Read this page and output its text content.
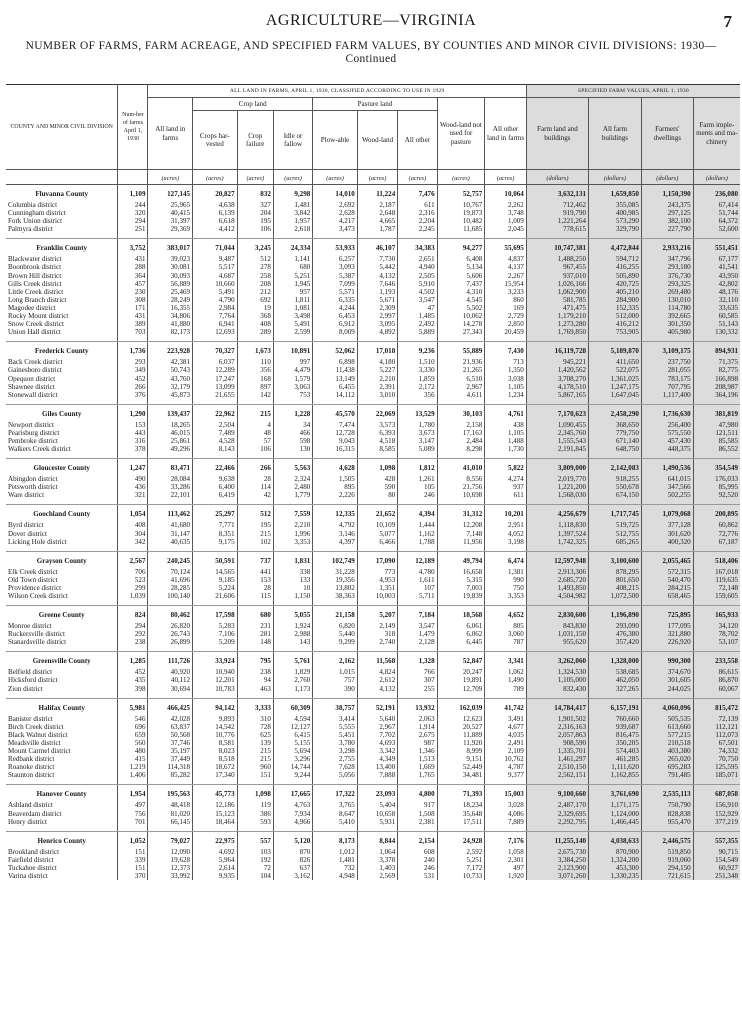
AGRICULTURE—VIRGINIA	7
NUMBER OF FARMS, FARM ACREAGE, AND SPECIFIED FARM VALUES, BY COUNTIES AND MINOR CIVIL DIVISIONS: 1930—Continued
COUNTY AND MINOR CIVIL DIVISION	Num-ber of farms April 1, 1930	ALL LAND IN FARMS, APRIL 1, 1930, CLASSIFIED ACCORDING TO USE IN 1929									SPECIFIED FARM VALUES, APRIL 1, 1930			
		All land in farms	Crop land			Pasture land			Wood-land not used for pasture	All other land in farms	Farm land and buildings	All farm buildings	Farmers' dwellings	Farm imple-ments and ma-chinery
			Crops har-vested	Crop failure	Idle or fallow	Plow-able	Wood-land	All other						
		(acres)	(acres)	(acres)	(acres)	(acres)	(acres)	(acres)	(acres)	(acres)	(dollars)	(dollars)	(dollars)	(dollars)
Fluvanna County	1,109	127,145	20,827	832	9,298	14,010	11,224	7,476	52,757	10,064	3,632,131	1,659,850	1,150,390	236,080
Columbia district	244	25,965	4,638	327	1,481	2,692	2,187	611	10,767	2,262	712,462	355,085	243,375	67,414
Cunningham district	320	40,415	6,139	204	3,842	2,628	2,648	2,316	19,873	3,748	919,790	400,985	297,125	51,744
Fork Union district	294	31,397	6,618	195	1,957	4,217	4,665	2,204	10,482	1,009	1,221,264	573,290	382,100	64,372
Palmyra district	251	29,369	4,412	106	2,618	3,473	1,787	2,245	11,685	2,045	778,615	329,790	227,790	52,600

Franklin County	3,752	383,017	71,044	3,245	24,334	53,933	46,107	34,383	94,277	55,695	10,747,381	4,472,844	2,933,216	551,451
Blackwater district	431	39,023	9,487	512	1,141	6,257	7,730	2,651	6,408	4,837	1,488,250	594,712	347,796	67,177
Boonbrook district	288	30,081	5,517	278	680	3,093	5,442	4,940	5,134	4,137	967,455	416,255	293,180	41,541
Brown Hill district	364	30,093	4,687	258	5,251	5,387	4,132	2,505	5,606	2,267	937,010	505,890	376,730	43,950
Gills Creek district	457	56,889	10,660	208	1,945	7,099	7,646	5,910	7,437	15,954	1,026,166	420,725	293,325	42,802
Little Creek district	230	25,469	5,491	212	957	5,571	1,193	4,502	4,310	3,233	1,062,900	405,210	269,480	48,176
Long Branch district	308	28,249	4,790	692	1,811	6,335	5,671	3,547	4,545	860	581,785	284,900	130,010	32,110
Magodee district	171	16,355	2,984	19	1,081	4,244	2,309	47	5,502	169	471,475	152,335	114,780	33,635
Rocky Mount district	431	34,806	7,764	368	3,498	6,453	2,997	1,485	10,062	2,729	1,179,210	512,000	392,665	60,585
Snow Creek district	389	41,880	6,941	408	5,491	6,912	3,095	2,492	14,278	2,850	1,273,280	416,212	301,350	51,143
Union Hall district	703	82,173	12,693	289	2,599	8,009	4,892	5,889	27,343	20,459	1,769,850	753,905	405,980	130,332

Frederick County	1,736	223,928	70,327	1,673	10,891	52,062	17,018	9,236	55,889	7,430	16,119,728	5,189,870	3,109,175	894,931
Back Creek district	293	42,381	6,037	110	997	6,898	4,180	1,510	21,936	713	945,221	411,650	237,750	71,375
Gainesboro district	349	50,743	12,289	356	4,479	11,438	5,227	3,330	21,265	1,350	1,420,562	522,075	281,055	82,775
Opequon district	452	43,760	17,247	168	1,579	13,149	2,210	1,859	6,510	3,038	3,708,270	1,361,025	783,175	166,898
Shawnee district	266	32,179	13,099	897	3,063	6,455	2,391	2,172	2,967	1,105	4,178,510	1,247,175	707,795	208,987
Stonewall district	376	45,873	21,655	142	753	14,112	3,010	356	4,611	1,234	5,867,165	1,647,045	1,117,400	364,196

Giles County	1,290	139,437	22,962	215	1,228	45,570	22,069	13,529	30,103	4,761	7,170,623	2,458,290	1,736,630	381,819
Newport district	153	18,265	2,504	4	34	7,474	3,573	1,780	2,158	438	1,090,455	368,650	256,400	47,980
Pearisburg district	443	46,015	7,489	48	466	12,728	6,393	3,673	17,163	1,105	2,345,760	779,750	575,550	121,511
Pembroke district	316	25,861	4,528	57	598	9,043	4,518	3,147	2,484	1,488	1,555,543	671,140	457,430	85,585
Walkers Creek district	378	49,296	8,143	106	130	16,315	8,585	5,089	8,298	1,730	2,191,845	648,750	448,375	86,552

Gloucester County	1,247	83,471	22,466	266	5,563	4,628	1,098	1,812	41,010	5,822	3,809,000	2,142,083	1,490,536	354,549
Abingdon district	490	28,084	9,638	28	2,324	1,505	428	1,261	8,556	4,274	2,019,770	918,255	641,015	176,033
Petsworth district	436	33,286	6,400	114	2,480	895	590	105	21,756	937	1,221,200	550,678	347,566	85,995
Ware district	321	22,101	6,419	42	1,779	2,226	80	246	10,698	611	1,568,030	674,150	502,255	92,520

Goochland County	1,054	113,462	25,297	512	7,559	12,335	21,652	4,394	31,312	10,201	4,256,679	1,717,745	1,079,068	200,895
Byrd district	408	41,680	7,771	195	2,210	4,792	10,109	1,444	12,208	2,951	1,118,830	519,725	377,128	60,862
Dover district	304	31,147	8,351	215	1,996	3,146	5,077	1,162	7,148	4,052	1,397,524	512,755	301,620	72,776
Licking Hole district	342	40,635	9,175	102	3,353	4,397	6,466	1,788	11,956	3,198	1,742,325	685,265	400,320	67,187

Grayson County	2,567	240,245	50,591	737	1,831	102,749	17,090	12,189	49,794	6,474	12,597,948	3,100,600	2,055,465	518,406
Elk Creek district	706	70,124	14,565	441	338	31,228	773	4,780	16,658	1,381	2,913,306	878,295	572,315	167,018
Old Town district	523	41,696	9,185	153	133	19,356	4,953	1,611	5,315	990	2,685,720	801,650	540,470	119,635
Providence district	299	28,285	5,224	28	10	13,802	1,351	107	7,003	750	1,493,850	408,215	284,215	72,148
Wilson Creek district	1,039	100,140	21,606	115	1,150	38,363	10,003	5,711	19,839	3,353	4,504,982	1,072,500	658,465	159,605

Greene County	824	80,462	17,598	680	5,055	21,158	5,207	7,184	18,568	4,652	2,830,600	1,196,890	725,895	165,933
Monroe district	294	26,820	5,283	231	1,924	6,820	2,149	3,547	6,061	805	843,830	293,090	177,095	34,120
Ruckersville district	292	26,743	7,106	281	2,988	5,440	318	1,479	6,062	3,060	1,031,150	476,380	321,880	78,702
Stanardsville district	238	26,899	5,209	148	143	9,299	2,740	2,128	6,445	787	955,620	357,420	226,920	53,107

Greensville County	1,285	111,726	33,924	795	5,761	2,162	11,568	1,328	52,847	3,341	3,262,060	1,328,000	990,300	233,558
Belfield district	452	40,920	10,940	238	1,829	1,015	4,824	766	20,247	1,062	1,324,530	538,685	374,670	86,615
Hicksford district	435	40,112	12,201	94	2,760	757	2,612	307	19,891	1,490	1,105,000	462,050	301,605	86,870
Zion district	398	30,694	10,783	463	1,173	390	4,132	255	12,709	789	832,430	327,265	244,025	60,067

Halifax County	5,981	466,425	94,142	3,333	60,309	38,757	52,191	13,932	162,039	41,742	14,784,417	6,157,191	4,060,096	815,472
Banister district	546	42,028	9,893	310	4,594	3,414	5,640	2,063	12,623	3,491	1,901,502	760,660	505,535	72,139
Birch Creek district	696	63,837	14,542	728	12,127	5,555	2,967	1,914	20,527	4,677	2,316,163	939,687	613,660	112,121
Black Walnut district	659	50,568	10,776	625	6,415	5,451	7,702	2,675	11,889	4,035	2,057,863	816,475	577,215	112,073
Meadsville district	560	37,746	8,581	139	5,155	3,780	4,693	987	11,920	2,491	908,590	350,205	210,518	67,501
Mount Carmel district	480	35,197	8,023	215	5,694	3,298	3,342	1,346	8,999	2,109	1,335,701	574,403	403,380	74,332
Redbank district	415	37,449	8,518	215	3,296	2,755	4,349	1,513	9,151	10,762	1,461,297	461,285	265,020	70,750
Roanoke district	1,219	114,318	18,672	960	14,744	7,628	13,400	1,669	52,449	4,787	2,510,150	1,111,620	695,283	125,595
Staunton district	1,406	85,282	17,340	151	9,244	5,056	7,888	1,765	34,481	9,377	2,562,151	1,162,855	791,485	185,071

Hanover County	1,954	195,563	45,773	1,098	17,665	17,322	23,093	4,800	71,393	15,003	9,100,660	3,761,690	2,535,113	687,058
Ashland district	497	48,418	12,186	119	4,763	3,765	5,404	917	18,234	3,028	2,487,170	1,171,175	750,790	156,910
Beaverdam district	756	81,020	15,123	386	7,934	8,647	10,658	1,508	35,648	4,086	2,329,695	1,124,000	828,838	152,929
Henry district	701	66,145	18,464	593	4,966	5,410	5,931	2,381	17,511	7,889	2,292,795	1,466,445	955,470	377,219

Henrico County	1,052	79,027	22,975	557	5,120	8,173	8,844	2,154	24,928	7,176	11,255,140	4,038,633	2,446,575	557,355
Brookland district	151	12,090	4,692	103	870	1,012	1,064	608	2,592	1,058	2,675,730	870,900	519,850	90,715
Fairfield district	339	19,628	5,964	192	826	1,481	3,378	240	5,251	2,301	3,384,250	1,324,200	919,060	154,549
Tuckahoe district	151	12,373	2,614	72	637	732	1,403	246	7,172	497	2,123,900	453,300	294,150	60,927
Varina district	370	33,992	9,935	104	3,162	4,948	2,569	531	10,733	1,920	3,071,260	1,330,235	721,615	251,348
